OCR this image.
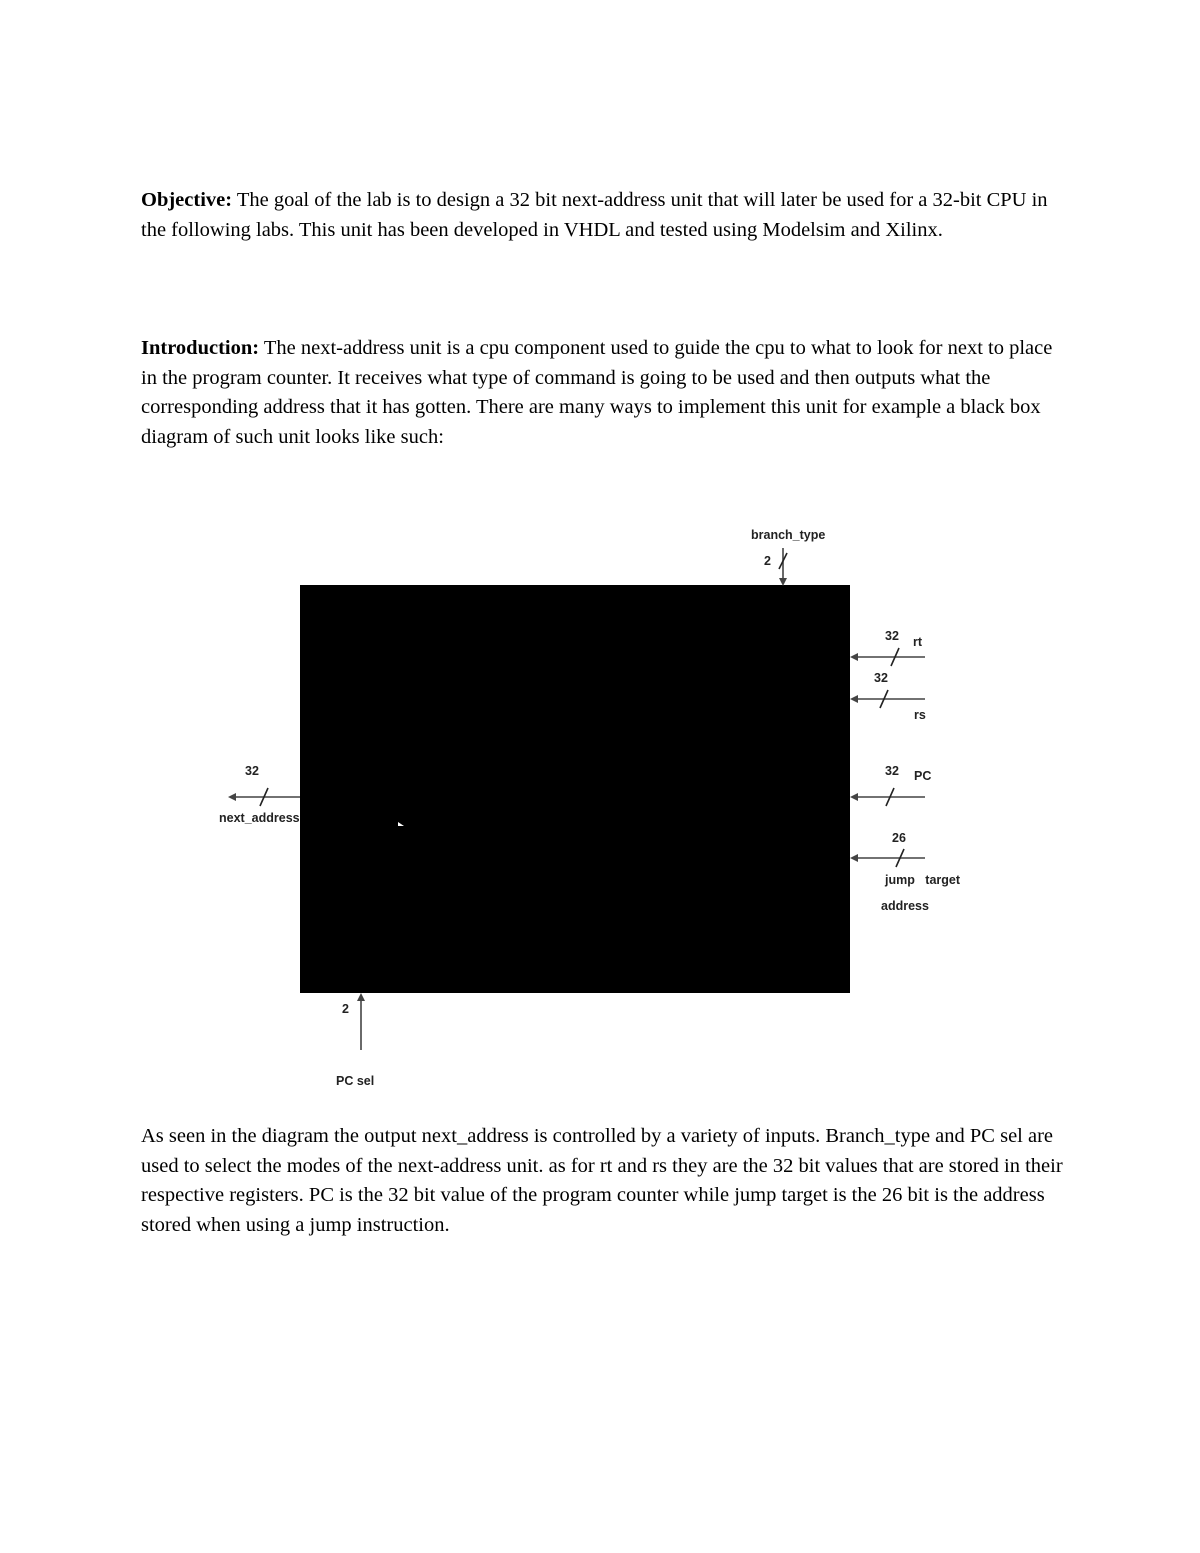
Objective: The goal of the lab is to design a 32 bit next-address unit that will later be used for a 32-bit CPU in the following labs. This unit has been developed in VHDL and tested using Modelsim and Xilinx.

Introduction: The next-address unit is a cpu component used to guide the cpu to what to look for next to place in the program counter. It receives what type of command is going to be used and then outputs what the corresponding address that it has gotten. There are many ways to implement this unit for example a black box diagram of such unit looks like such:

branch_type
2
32 rt
32
rs
32 PC
26
jump   target
address
32
next_address
2
PC sel

As seen in the diagram the output next_address is controlled by a variety of inputs. Branch_type and PC sel are used to select the modes of the next-address unit. as for rt and rs they are the 32 bit values that are stored in their respective registers. PC is the 32 bit value of the program counter while jump target is the 26 bit is the address stored when using a jump instruction.
